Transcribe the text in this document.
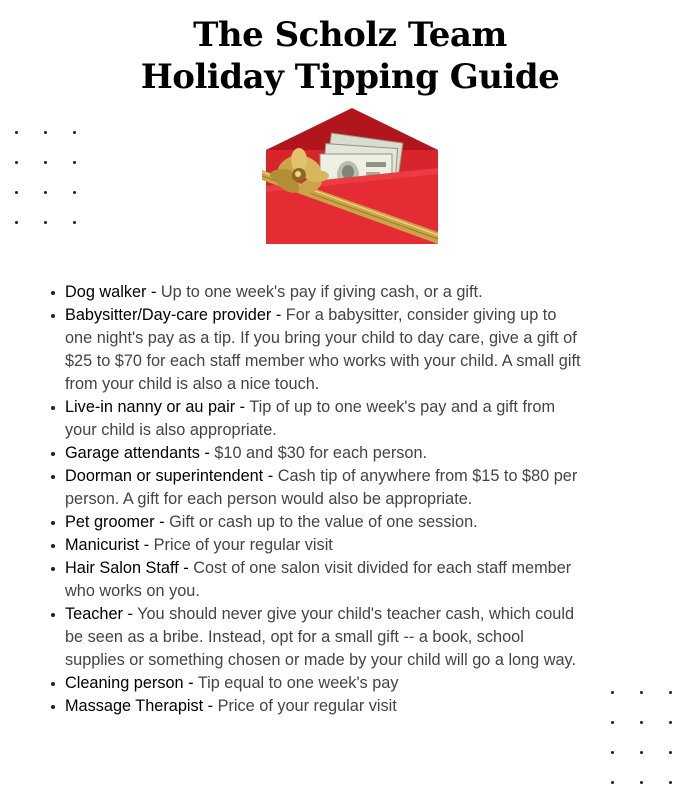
The Scholz Team
Holiday Tipping Guide
Dog walker - Up to one week's pay if giving cash, or a gift.
Babysitter/Day-care provider - For a babysitter, consider giving up to one night's pay as a tip. If you bring your child to day care, give a gift of $25 to $70 for each staff member who works with your child. A small gift from your child is also a nice touch.
Live-in nanny or au pair - Tip of up to one week's pay and a gift from your child is also appropriate.
Garage attendants - $10 and $30 for each person.
Doorman or superintendent - Cash tip of anywhere from $15 to $80 per person. A gift for each person would also be appropriate.
Pet groomer - Gift or cash up to the value of one session.
Manicurist - Price of your regular visit
Hair Salon Staff - Cost of one salon visit divided for each staff member who works on you.
Teacher - You should never give your child's teacher cash, which could be seen as a bribe. Instead, opt for a small gift -- a book, school supplies or something chosen or made by your child will go a long way.
Cleaning person - Tip equal to one week's pay
Massage Therapist - Price of your regular visit
